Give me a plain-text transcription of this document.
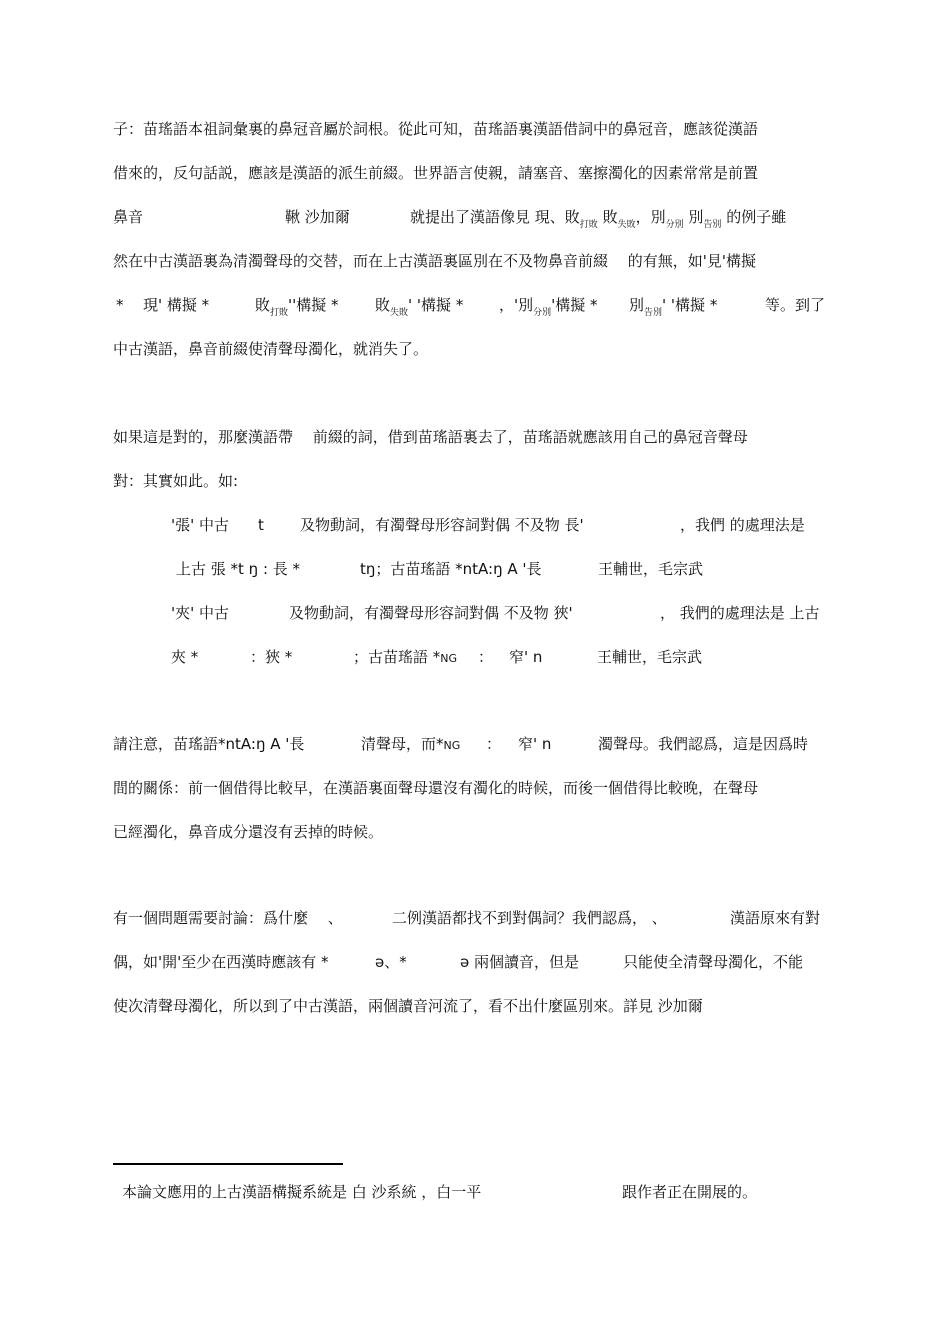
子：苗瑤語本祖詞彙裏的鼻冠音屬於詞根。從此可知，苗瑤語裏漢語借詞中的鼻冠音，應該從漢語
借來的，反句話説，應該是漢語的派生前綴。世界語言使親，請塞音、塞擦濁化的因素常常是前置
鼻音	鞦 沙加爾	就提出了漢語像見 現、敗$_{打敗}$ 敗$_{失敗}$，別$_{分別}$ 別$_{告別}$ 的例子雖
然在中古漢語裏為清濁聲母的交替，而在上古漢語裏區別在不及物鼻音前綴　 的有無，如'見'構擬
* 現' 構擬 *	敗$_{打敗}$''構擬 * 敗$_{失敗}$' '構擬 * ，'別$_{分別}$'構擬 * 別$_{告別}$' '構擬 *	等。到了
中古漢語，鼻音前綴使清聲母濁化，就消失了。
如果這是對的，那麼漢語帶　 前綴的詞，借到苗瑤語裏去了，苗瑤語就應該用自己的鼻冠音聲母
對：其實如此。如:
'張' 中古 t 及物動詞，有濁聲母形容詞對偶 不及物 長'	，我們 的處理法是
上古 張 *t ŋ : 長 *	tŋ；古苗瑤語 *ntA:ŋ A '長	王輔世，毛宗武
'夾' 中古	及物動詞，有濁聲母形容詞對偶 不及物 狹'	， 我們的處理法是 上古
夾 *	：狹 *	；古苗瑤語 *NG ： 窄' n	王輔世，毛宗武
請注意，苗瑤語*ntA:ŋ A '長	清聲母，而*NG ： 窄' n	濁聲母。我們認爲，這是因爲時
間的關係：前一個借得比較早，在漢語裏面聲母還沒有濁化的時候，而後一個借得比較晚，在聲母
已經濁化，鼻音成分還沒有丟掉的時候。
有一個問題需要討論：爲什麼　 、	二例漢語都找不到對偶詞？我們認爲， 、	漢語原來有對
偶，如'開'至少在西漢時應該有 *	ə、*	ə 兩個讀音，但是	只能使全清聲母濁化，不能
使次清聲母濁化，所以到了中古漢語，兩個讀音河流了，看不出什麼區別來。詳見 沙加爾
本論文應用的上古漢語構擬系統是 白 沙系統 ，白一平	跟作者正在開展的。
